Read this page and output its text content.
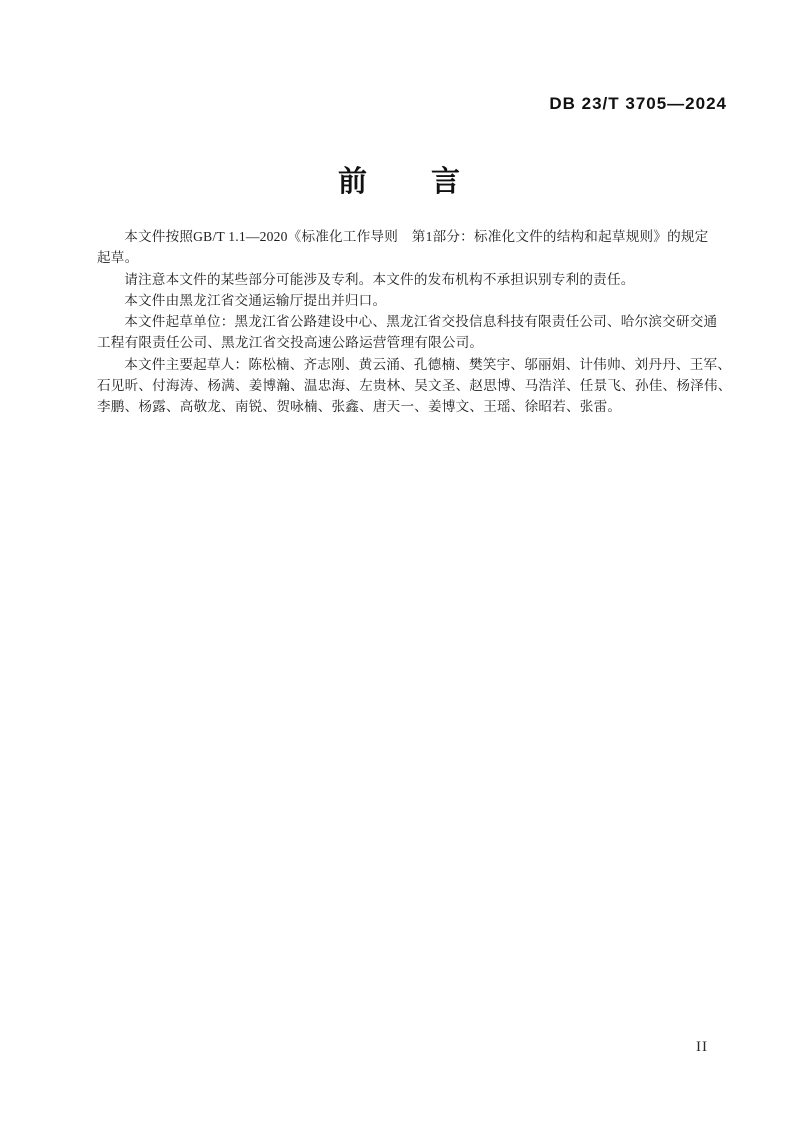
DB 23/T 3705—2024
前　　言
本文件按照GB/T 1.1—2020《标准化工作导则　第1部分：标准化文件的结构和起草规则》的规定
起草。
请注意本文件的某些部分可能涉及专利。本文件的发布机构不承担识别专利的责任。
本文件由黑龙江省交通运输厅提出并归口。
本文件起草单位：黑龙江省公路建设中心、黑龙江省交投信息科技有限责任公司、哈尔滨交研交通
工程有限责任公司、黑龙江省交投高速公路运营管理有限公司。
本文件主要起草人：陈松楠、齐志刚、黄云涌、孔德楠、樊笑宇、邬丽娟、计伟帅、刘丹丹、王军、
石见昕、付海涛、杨满、姜博瀚、温忠海、左贵林、吴文圣、赵思博、马浩洋、任景飞、孙佳、杨泽伟、
李鹏、杨露、高敬龙、南锐、贺咏楠、张鑫、唐天一、姜博文、王瑶、徐昭若、张雷。
II
